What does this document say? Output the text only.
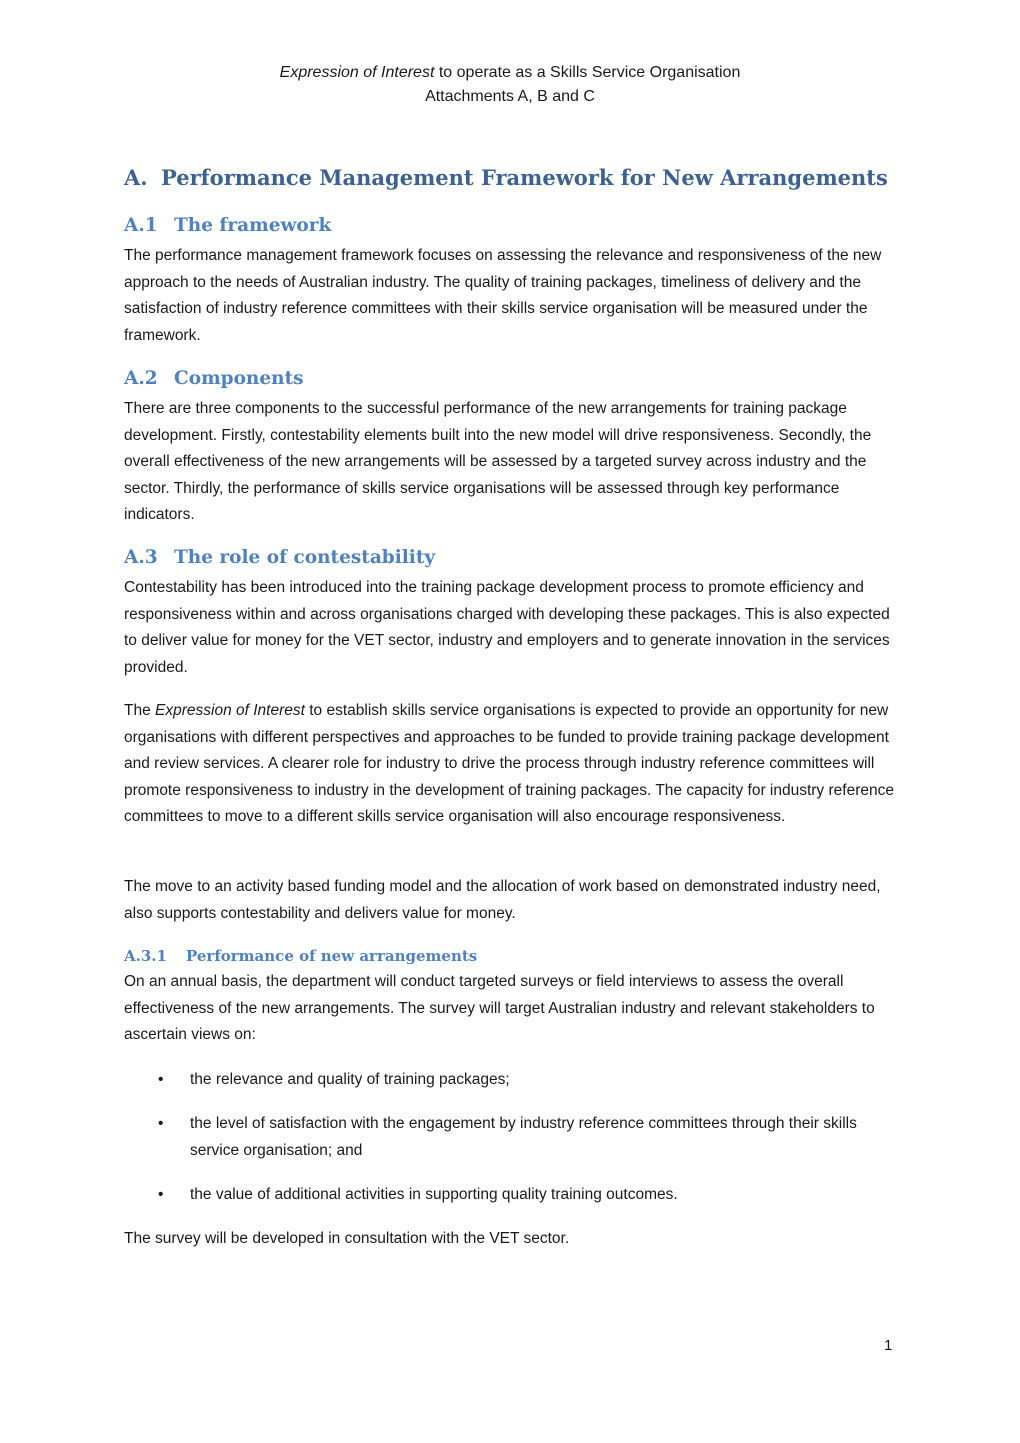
Expression of Interest to operate as a Skills Service Organisation
Attachments A, B and C
A. Performance Management Framework for New Arrangements
A.1 The framework

The performance management framework focuses on assessing the relevance and responsiveness of the new approach to the needs of Australian industry. The quality of training packages, timeliness of delivery and the satisfaction of industry reference committees with their skills service organisation will be measured under the framework.

A.2 Components

There are three components to the successful performance of the new arrangements for training package development. Firstly, contestability elements built into the new model will drive responsiveness. Secondly, the overall effectiveness of the new arrangements will be assessed by a targeted survey across industry and the sector. Thirdly, the performance of skills service organisations will be assessed through key performance indicators.

A.3 The role of contestability

Contestability has been introduced into the training package development process to promote efficiency and responsiveness within and across organisations charged with developing these packages. This is also expected to deliver value for money for the VET sector, industry and employers and to generate innovation in the services provided.

The Expression of Interest to establish skills service organisations is expected to provide an opportunity for new organisations with different perspectives and approaches to be funded to provide training package development and review services. A clearer role for industry to drive the process through industry reference committees will promote responsiveness to industry in the development of training packages. The capacity for industry reference committees to move to a different skills service organisation will also encourage responsiveness.

The move to an activity based funding model and the allocation of work based on demonstrated industry need, also supports contestability and delivers value for money.

A.3.1 Performance of new arrangements

On an annual basis, the department will conduct targeted surveys or field interviews to assess the overall effectiveness of the new arrangements. The survey will target Australian industry and relevant stakeholders to ascertain views on:

• the relevance and quality of training packages;
• the level of satisfaction with the engagement by industry reference committees through their skills service organisation; and
• the value of additional activities in supporting quality training outcomes.

The survey will be developed in consultation with the VET sector.

1
